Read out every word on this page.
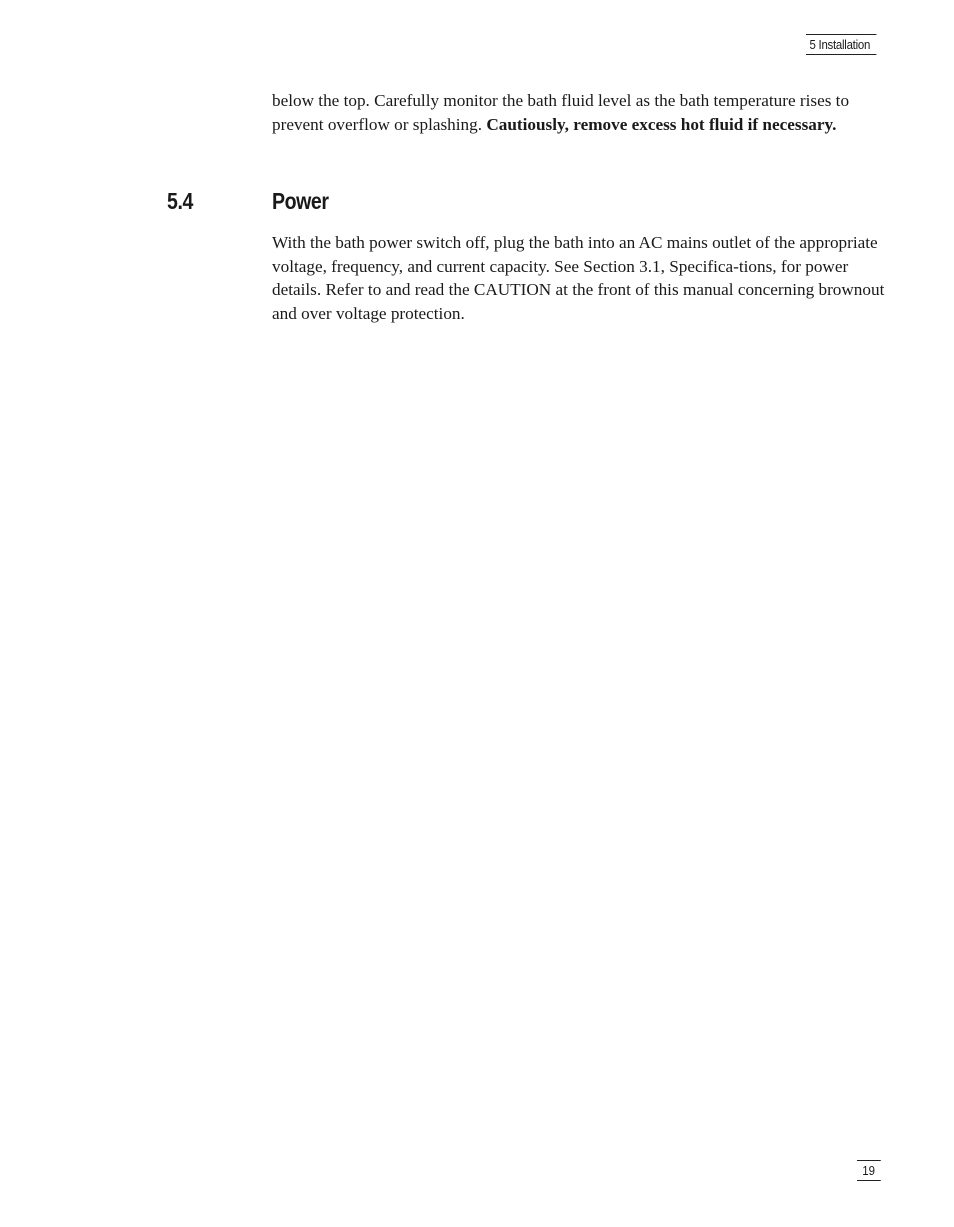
5 Installation

below the top. Carefully monitor the bath fluid level as the bath temperature rises to prevent overflow or splashing. Cautiously, remove excess hot fluid if necessary.

5.4	Power

With the bath power switch off, plug the bath into an AC mains outlet of the appropriate voltage, frequency, and current capacity. See Section 3.1, Specifica-tions, for power details. Refer to and read the CAUTION at the front of this manual concerning brownout and over voltage protection.

19
